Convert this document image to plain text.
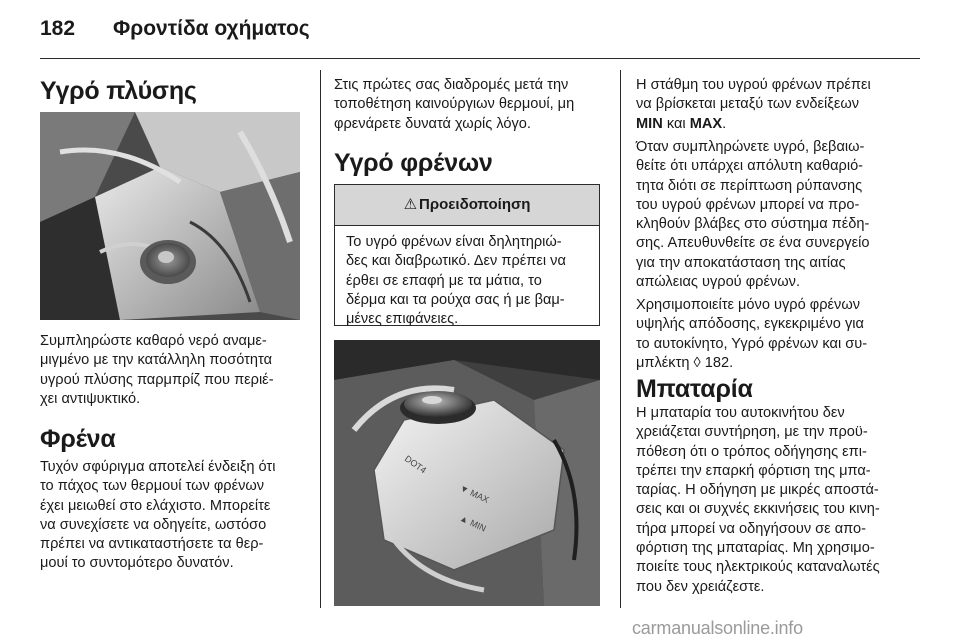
182 Φροντίδα οχήματος
Υγρό πλύσης
Συμπληρώστε καθαρό νερό αναμε-
μιγμένο με την κατάλληλη ποσότητα
υγρού πλύσης παρμπρίζ που περιέ-
χει αντιψυκτικό.
Φρένα
Τυχόν σφύριγμα αποτελεί ένδειξη ότι
το πάχος των θερμουί των φρένων
έχει μειωθεί στο ελάχιστο. Μπορείτε
να συνεχίσετε να οδηγείτε, ωστόσο
πρέπει να αντικαταστήσετε τα θερ-
μουί το συντομότερο δυνατόν.
Στις πρώτες σας διαδρομές μετά την
τοποθέτηση καινούργιων θερμουί, μη
φρενάρετε δυνατά χωρίς λόγο.
Υγρό φρένων
⚠ Προειδοποίηση
Το υγρό φρένων είναι δηλητηριώ-
δες και διαβρωτικό. Δεν πρέπει να
έρθει σε επαφή με τα μάτια, το
δέρμα και τα ρούχα σας ή με βαμ-
μένες επιφάνειες.
DOT4
▼ MAX
▲ MIN
Η στάθμη του υγρού φρένων πρέπει
να βρίσκεται μεταξύ των ενδείξεων
MIN και MAX.
Όταν συμπληρώνετε υγρό, βεβαιω-
θείτε ότι υπάρχει απόλυτη καθαριό-
τητα διότι σε περίπτωση ρύπανσης
του υγρού φρένων μπορεί να προ-
κληθούν βλάβες στο σύστημα πέδη-
σης. Απευθυνθείτε σε ένα συνεργείο
για την αποκατάσταση της αιτίας
απώλειας υγρού φρένων.
Χρησιμοποιείτε μόνο υγρό φρένων
υψηλής απόδοσης, εγκεκριμένο για
το αυτοκίνητο, Υγρό φρένων και συ-
μπλέκτη ◊ 182.
Μπαταρία
Η μπαταρία του αυτοκινήτου δεν
χρειάζεται συντήρηση, με την προϋ-
πόθεση ότι ο τρόπος οδήγησης επι-
τρέπει την επαρκή φόρτιση της μπα-
ταρίας. Η οδήγηση με μικρές αποστά-
σεις και οι συχνές εκκινήσεις του κινη-
τήρα μπορεί να οδηγήσουν σε απο-
φόρτιση της μπαταρίας. Μη χρησιμο-
ποιείτε τους ηλεκτρικούς καταναλωτές
που δεν χρειάζεστε.
carmanualsonline.info
